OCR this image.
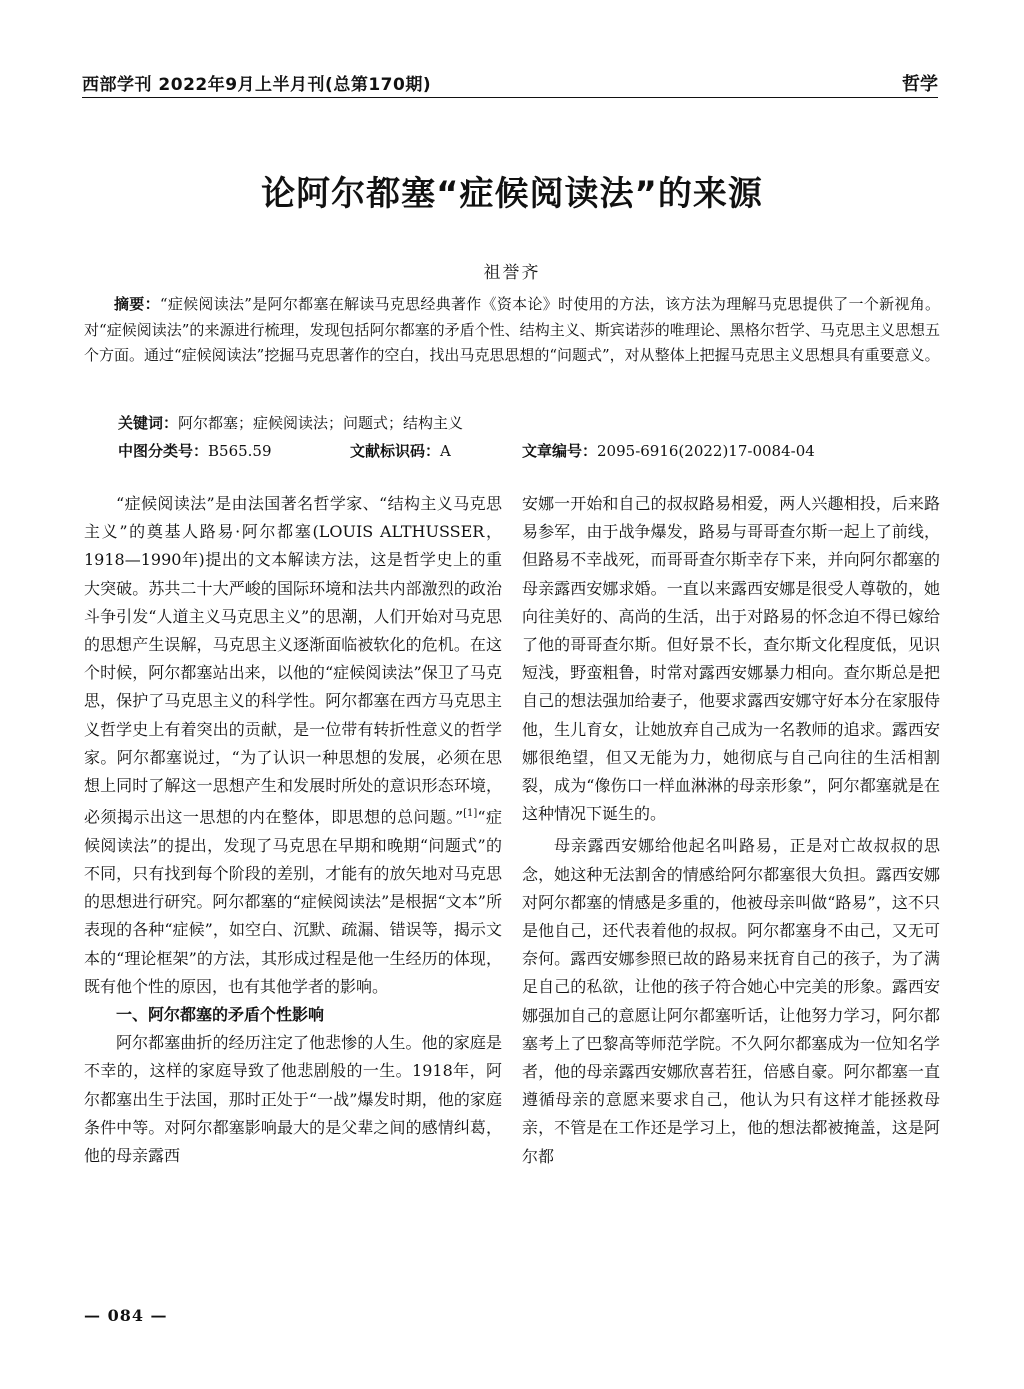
西部学刊 2022年9月上半月刊(总第170期)	哲学
论阿尔都塞“症候阅读法”的来源
祖誉齐

摘要：“症候阅读法”是阿尔都塞在解读马克思经典著作《资本论》时使用的方法，该方法为理解马克思提供了一个新视角。对“症候阅读法”的来源进行梳理，发现包括阿尔都塞的矛盾个性、结构主义、斯宾诺莎的唯理论、黑格尔哲学、马克思主义思想五个方面。通过“症候阅读法”挖掘马克思著作的空白，找出马克思思想的“问题式”，对从整体上把握马克思主义思想具有重要意义。

关键词：阿尔都塞；症候阅读法；问题式；结构主义
中图分类号：B565.59	文献标识码：A	文章编号：2095-6916(2022)17-0084-04

“症候阅读法”是由法国著名哲学家、“结构主义马克思主义”的奠基人路易·阿尔都塞(LOUIS ALTHUSSER，1918—1990年)提出的文本解读方法，这是哲学史上的重大突破。苏共二十大严峻的国际环境和法共内部激烈的政治斗争引发“人道主义马克思主义”的思潮，人们开始对马克思的思想产生误解，马克思主义逐渐面临被软化的危机。在这个时候，阿尔都塞站出来，以他的“症候阅读法”保卫了马克思，保护了马克思主义的科学性。阿尔都塞在西方马克思主义哲学史上有着突出的贡献，是一位带有转折性意义的哲学家。阿尔都塞说过，“为了认识一种思想的发展，必须在思想上同时了解这一思想产生和发展时所处的意识形态环境，必须揭示出这一思想的内在整体，即思想的总问题。”[1]“症候阅读法”的提出，发现了马克思在早期和晚期“问题式”的不同，只有找到每个阶段的差别，才能有的放矢地对马克思的思想进行研究。阿尔都塞的“症候阅读法”是根据“文本”所表现的各种“症候”，如空白、沉默、疏漏、错误等，揭示文本的“理论框架”的方法，其形成过程是他一生经历的体现，既有他个性的原因，也有其他学者的影响。

一、阿尔都塞的矛盾个性影响

阿尔都塞曲折的经历注定了他悲惨的人生。他的家庭是不幸的，这样的家庭导致了他悲剧般的一生。1918年，阿尔都塞出生于法国，那时正处于“一战”爆发时期，他的家庭条件中等。对阿尔都塞影响最大的是父辈之间的感情纠葛，他的母亲露西

安娜一开始和自己的叔叔路易相爱，两人兴趣相投，后来路易参军，由于战争爆发，路易与哥哥查尔斯一起上了前线，但路易不幸战死，而哥哥查尔斯幸存下来，并向阿尔都塞的母亲露西安娜求婚。一直以来露西安娜是很受人尊敬的，她向往美好的、高尚的生活，出于对路易的怀念迫不得已嫁给了他的哥哥查尔斯。但好景不长，查尔斯文化程度低，见识短浅，野蛮粗鲁，时常对露西安娜暴力相向。查尔斯总是把自己的想法强加给妻子，他要求露西安娜守好本分在家服侍他，生儿育女，让她放弃自己成为一名教师的追求。露西安娜很绝望，但又无能为力，她彻底与自己向往的生活相割裂，成为“像伤口一样血淋淋的母亲形象”，阿尔都塞就是在这种情况下诞生的。

母亲露西安娜给他起名叫路易，正是对亡故叔叔的思念，她这种无法割舍的情感给阿尔都塞很大负担。露西安娜对阿尔都塞的情感是多重的，他被母亲叫做“路易”，这不只是他自己，还代表着他的叔叔。阿尔都塞身不由己，又无可奈何。露西安娜参照已故的路易来抚育自己的孩子，为了满足自己的私欲，让他的孩子符合她心中完美的形象。露西安娜强加自己的意愿让阿尔都塞听话，让他努力学习，阿尔都塞考上了巴黎高等师范学院。不久阿尔都塞成为一位知名学者，他的母亲露西安娜欣喜若狂，倍感自豪。阿尔都塞一直遵循母亲的意愿来要求自己，他认为只有这样才能拯救母亲，不管是在工作还是学习上，他的想法都被掩盖，这是阿尔都

— 084 —
